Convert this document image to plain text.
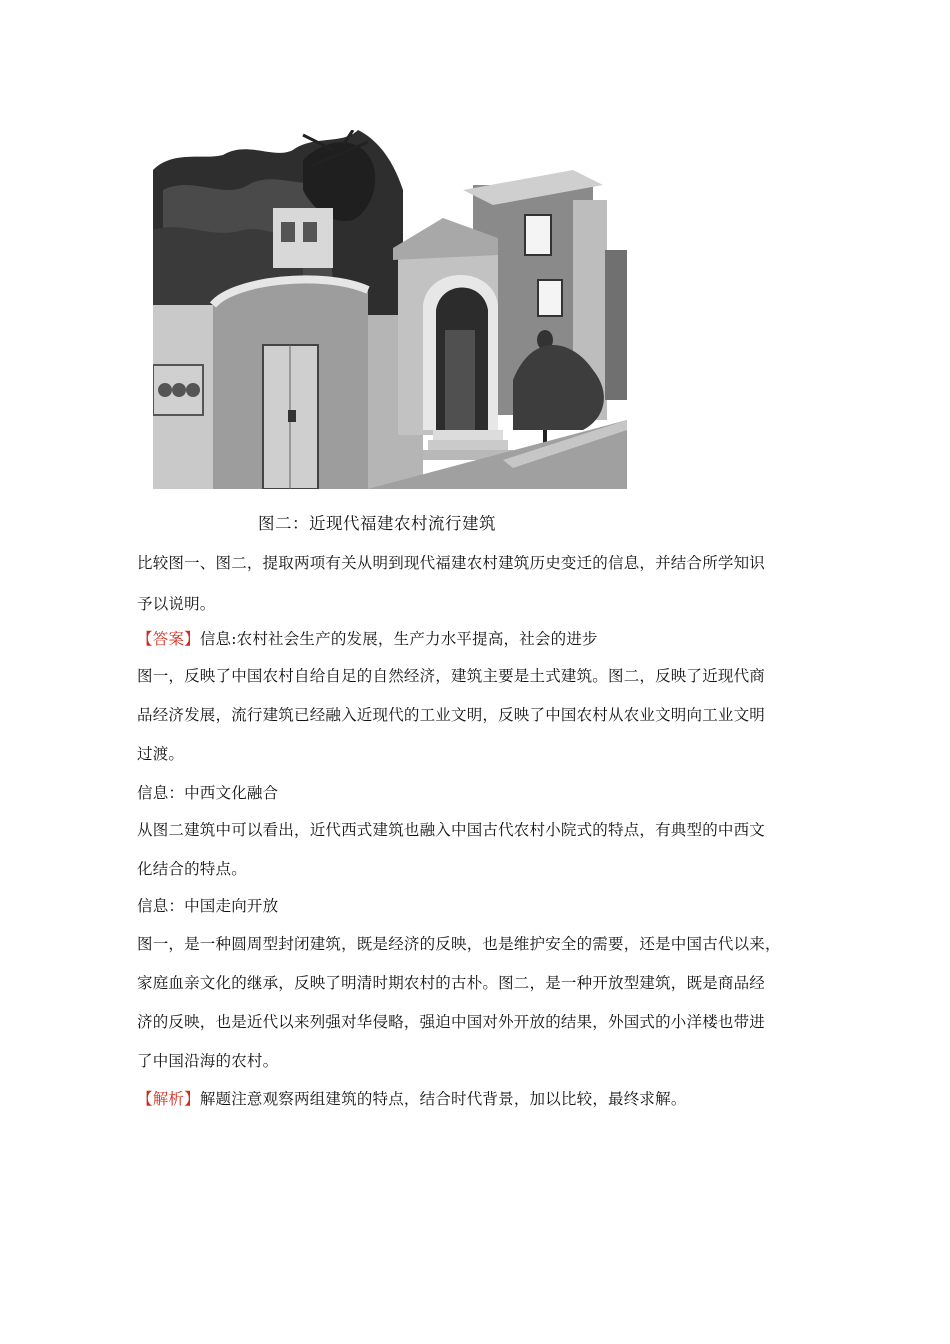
图二：近现代福建农村流行建筑
比较图一、图二，提取两项有关从明到现代福建农村建筑历史变迁的信息，并结合所学知识
予以说明。
【答案】信息:农村社会生产的发展，生产力水平提高，社会的进步
图一，反映了中国农村自给自足的自然经济，建筑主要是土式建筑。图二，反映了近现代商
品经济发展，流行建筑已经融入近现代的工业文明，反映了中国农村从农业文明向工业文明
过渡。
信息：中西文化融合
从图二建筑中可以看出，近代西式建筑也融入中国古代农村小院式的特点，有典型的中西文
化结合的特点。
信息：中国走向开放
图一，是一种圆周型封闭建筑，既是经济的反映，也是维护安全的需要，还是中国古代以来，
家庭血亲文化的继承，反映了明清时期农村的古朴。图二，是一种开放型建筑，既是商品经
济的反映，也是近代以来列强对华侵略，强迫中国对外开放的结果，外国式的小洋楼也带进
了中国沿海的农村。
【解析】解题注意观察两组建筑的特点，结合时代背景，加以比较，最终求解。
